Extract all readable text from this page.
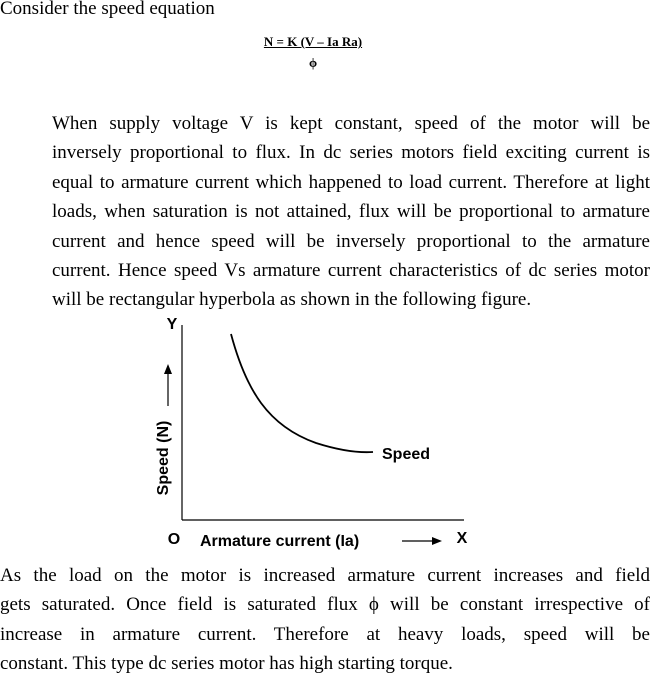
Consider the speed equation

$\frac{\text{N = K (V – Ia Ra)}}{\phi}$

When supply voltage V is kept constant, speed of the motor will be
inversely proportional to flux. In dc series motors field exciting current is
equal to armature current which happened to load current. Therefore at light
loads, when saturation is not attained, flux will be proportional to armature
current and hence speed will be inversely proportional to the armature
current. Hence speed Vs armature current characteristics of dc series motor
will be rectangular hyperbola as shown in the following figure.

Y
X
O
Speed (N)
Armature current (Ia)
Speed

As the load on the motor is increased armature current increases and field
gets saturated. Once field is saturated flux ϕ will be constant irrespective of
increase in armature current. Therefore at heavy loads, speed will be
constant. This type dc series motor has high starting torque.
